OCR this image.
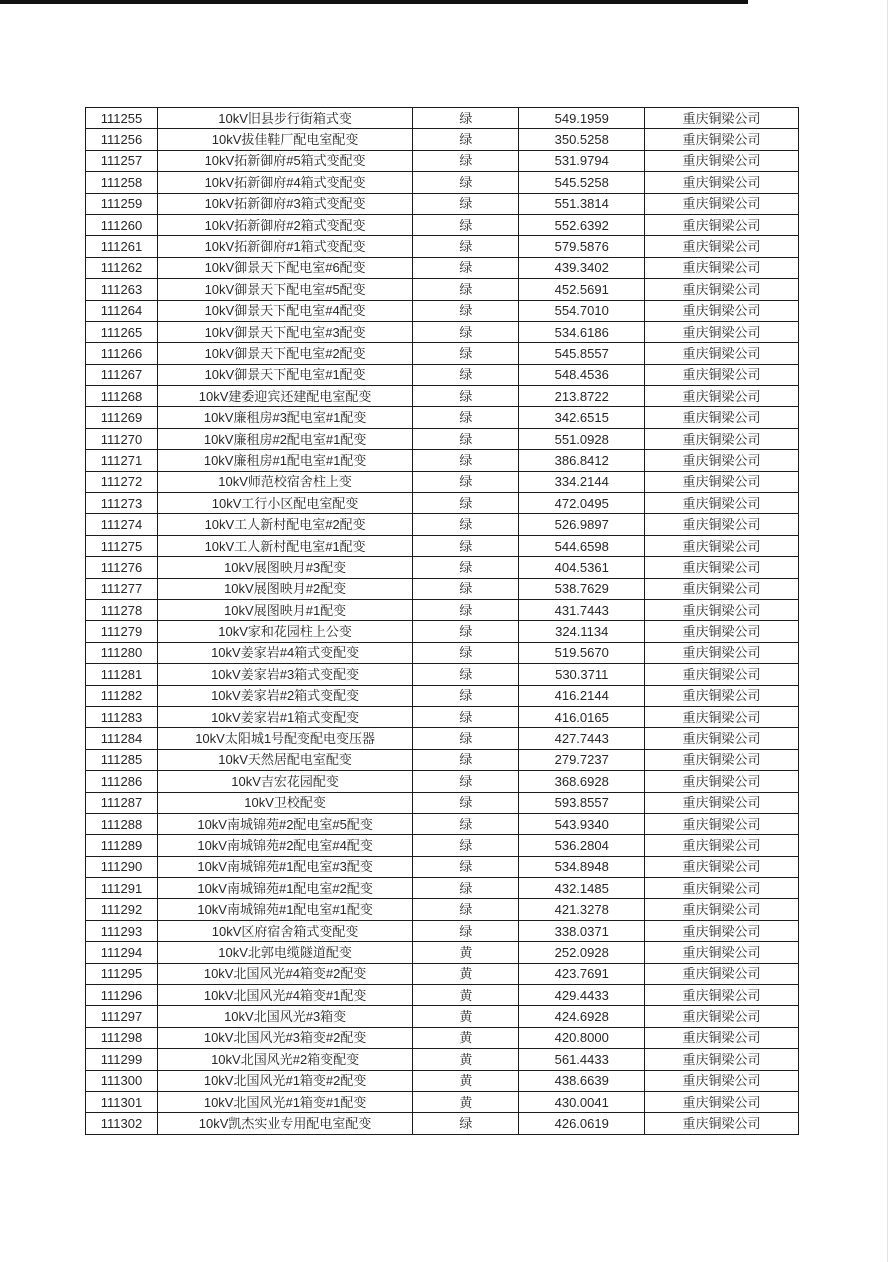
111255	10kV旧县步行街箱式变	绿	549.1959	重庆铜梁公司
111256	10kV拔佳鞋厂配电室配变	绿	350.5258	重庆铜梁公司
111257	10kV拓新御府#5箱式变配变	绿	531.9794	重庆铜梁公司
111258	10kV拓新御府#4箱式变配变	绿	545.5258	重庆铜梁公司
111259	10kV拓新御府#3箱式变配变	绿	551.3814	重庆铜梁公司
111260	10kV拓新御府#2箱式变配变	绿	552.6392	重庆铜梁公司
111261	10kV拓新御府#1箱式变配变	绿	579.5876	重庆铜梁公司
111262	10kV御景天下配电室#6配变	绿	439.3402	重庆铜梁公司
111263	10kV御景天下配电室#5配变	绿	452.5691	重庆铜梁公司
111264	10kV御景天下配电室#4配变	绿	554.7010	重庆铜梁公司
111265	10kV御景天下配电室#3配变	绿	534.6186	重庆铜梁公司
111266	10kV御景天下配电室#2配变	绿	545.8557	重庆铜梁公司
111267	10kV御景天下配电室#1配变	绿	548.4536	重庆铜梁公司
111268	10kV建委迎宾还建配电室配变	绿	213.8722	重庆铜梁公司
111269	10kV廉租房#3配电室#1配变	绿	342.6515	重庆铜梁公司
111270	10kV廉租房#2配电室#1配变	绿	551.0928	重庆铜梁公司
111271	10kV廉租房#1配电室#1配变	绿	386.8412	重庆铜梁公司
111272	10kV师范校宿舍柱上变	绿	334.2144	重庆铜梁公司
111273	10kV工行小区配电室配变	绿	472.0495	重庆铜梁公司
111274	10kV工人新村配电室#2配变	绿	526.9897	重庆铜梁公司
111275	10kV工人新村配电室#1配变	绿	544.6598	重庆铜梁公司
111276	10kV展图映月#3配变	绿	404.5361	重庆铜梁公司
111277	10kV展图映月#2配变	绿	538.7629	重庆铜梁公司
111278	10kV展图映月#1配变	绿	431.7443	重庆铜梁公司
111279	10kV家和花园柱上公变	绿	324.1134	重庆铜梁公司
111280	10kV姜家岩#4箱式变配变	绿	519.5670	重庆铜梁公司
111281	10kV姜家岩#3箱式变配变	绿	530.3711	重庆铜梁公司
111282	10kV姜家岩#2箱式变配变	绿	416.2144	重庆铜梁公司
111283	10kV姜家岩#1箱式变配变	绿	416.0165	重庆铜梁公司
111284	10kV太阳城1号配变配电变压器	绿	427.7443	重庆铜梁公司
111285	10kV天然居配电室配变	绿	279.7237	重庆铜梁公司
111286	10kV吉宏花园配变	绿	368.6928	重庆铜梁公司
111287	10kV卫校配变	绿	593.8557	重庆铜梁公司
111288	10kV南城锦苑#2配电室#5配变	绿	543.9340	重庆铜梁公司
111289	10kV南城锦苑#2配电室#4配变	绿	536.2804	重庆铜梁公司
111290	10kV南城锦苑#1配电室#3配变	绿	534.8948	重庆铜梁公司
111291	10kV南城锦苑#1配电室#2配变	绿	432.1485	重庆铜梁公司
111292	10kV南城锦苑#1配电室#1配变	绿	421.3278	重庆铜梁公司
111293	10kV区府宿舍箱式变配变	绿	338.0371	重庆铜梁公司
111294	10kV北郭电缆隧道配变	黄	252.0928	重庆铜梁公司
111295	10kV北国风光#4箱变#2配变	黄	423.7691	重庆铜梁公司
111296	10kV北国风光#4箱变#1配变	黄	429.4433	重庆铜梁公司
111297	10kV北国风光#3箱变	黄	424.6928	重庆铜梁公司
111298	10kV北国风光#3箱变#2配变	黄	420.8000	重庆铜梁公司
111299	10kV北国风光#2箱变配变	黄	561.4433	重庆铜梁公司
111300	10kV北国风光#1箱变#2配变	黄	438.6639	重庆铜梁公司
111301	10kV北国风光#1箱变#1配变	黄	430.0041	重庆铜梁公司
111302	10kV凯杰实业专用配电室配变	绿	426.0619	重庆铜梁公司
